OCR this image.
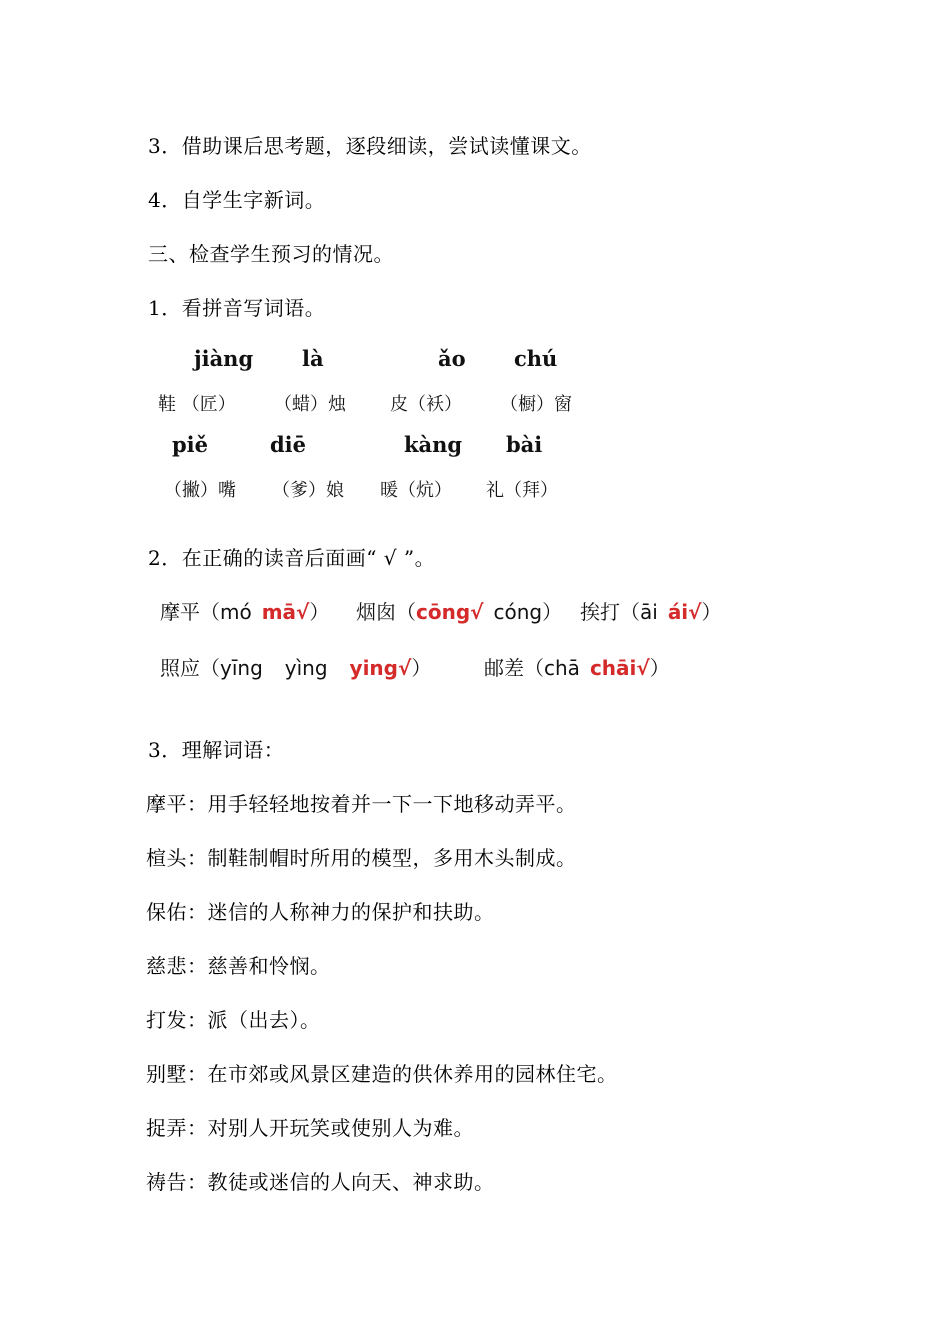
3．借助课后思考题，逐段细读，尝试读懂课文。
4．自学生字新词。
三、检查学生预习的情况。
1．看拼音写词语。
jiàng là	ǎo chú
鞋 （匠） （蜡）烛 皮（袄） （橱）窗
piě	diē	kàng bài
（撇）嘴 （爹）娘 暖（炕） 礼（拜）
2．在正确的读音后面画“ √ ”。
摩平（mó mā√） 烟囱（cōng√ cóng） 挨打（āi ái√）
照应（yīng yìng ying√）	邮差（chā chāi√）
3．理解词语：
摩平：用手轻轻地按着并一下一下地移动弄平。
楦头：制鞋制帽时所用的模型，多用木头制成。
保佑：迷信的人称神力的保护和扶助。
慈悲：慈善和怜悯。
打发：派（出去）。
别墅：在市郊或风景区建造的供休养用的园林住宅。
捉弄：对别人开玩笑或使别人为难。
祷告：教徒或迷信的人向天、神求助。
